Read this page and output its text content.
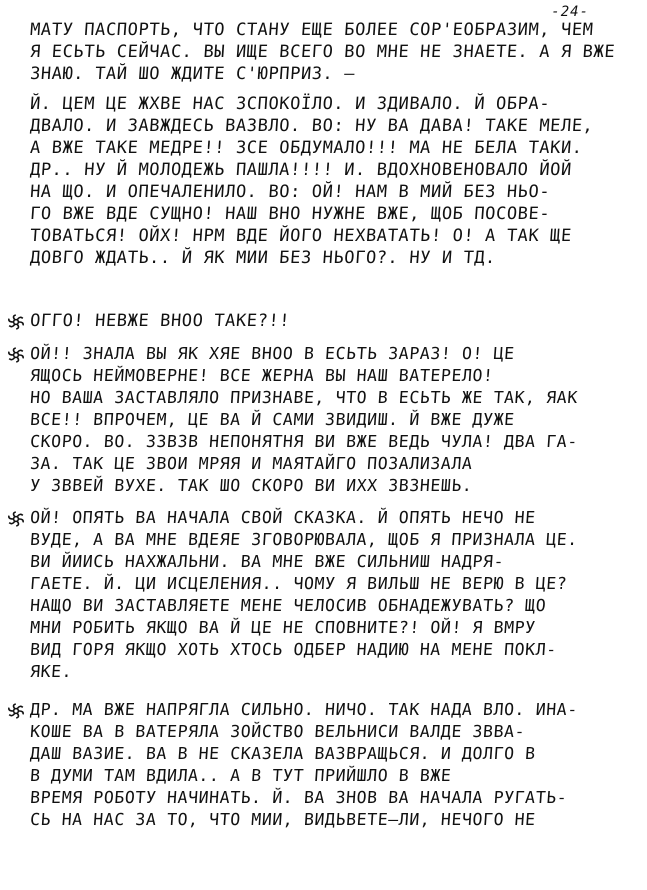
-24-
МАТУ ПАСПОРТЬ, ЧТО СТАНУ ЕЩЕ БОЛЕЕ СОР'ЕОБРАЗИМ, ЧЕМ
Я ЕСЬТЬ СЕЙЧАС. ВЫ ИЩЕ ВСЕГО ВО МНЕ НЕ ЗНАЕТЕ. А Я ВЖЕ
ЗНАЮ. ТАЙ ШО ЖДИТЕ С'ЮРПРИЗ. —
Й. ЦЕМ ЦЕ ЖХВЕ НАС ЗСПОКОЇЛО. И ЗДИВАЛО. Й ОБРА-
ДВАЛО. И ЗАВЖДЕСЬ ВАЗВЛО. ВО: НУ ВА ДАВА! ТАКЕ МЕЛЕ,
А ВЖЕ ТАКЕ МЕДРЕ!! ЗСЕ ОБДУМАЛО!!! МА НЕ БЕЛА ТАКИ.
ДР.. НУ Й МОЛОДЕЖЬ ПАШЛА!!!! И. ВДОХНОВЕНОВАЛО ЙОЙ
НА ЩО. И ОПЕЧАЛЕНИЛО. ВО: ОЙ! НАМ В МИЙ БЕЗ НЬО-
ГО ВЖЕ ВДЕ СУЩНО! НАШ ВНО НУЖНЕ ВЖЕ, ЩОБ ПОСОВЕ-
ТОВАТЬСЯ! ОЙХ! НРМ ВДЕ ЙОГО НЕХВАТАТЬ! О! А ТАК ЩЕ
ДОВГО ЖДАТЬ.. Й ЯК МИИ БЕЗ НЬОГО?. НУ И ТД.
ОГГО! НЕВЖЕ ВНОО ТАКЕ?!!
ОЙ!! ЗНАЛА ВЫ ЯК ХЯЕ ВНОО В ЕСЬТЬ ЗАРАЗ! О! ЦЕ
ЯЩОСЬ НЕЙМОВЕРНЕ! ВСЕ ЖЕРНА ВЫ НАШ ВАТЕРЕЛО!
НО ВАША ЗАСТАВЛЯЛО ПРИЗНАВЕ, ЧТО В ЕСЬТЬ ЖЕ ТАК, ЯАК
ВСЕ!! ВПРОЧЕМ, ЦЕ ВА Й САМИ ЗВИДИШ. Й ВЖЕ ДУЖЕ
СКОРО. ВО. ЗЗВЗВ НЕПОНЯТНЯ ВИ ВЖЕ ВЕДЬ ЧУЛА! ДВА ГА-
ЗА. ТАК ЦЕ ЗВОИ МРЯЯ И МАЯТАЙГО ПОЗАЛИЗАЛА
У ЗВВЕЙ ВУХЕ. ТАК ШО СКОРО ВИ ИХХ ЗВЗНЕШЬ.
ОЙ! ОПЯТЬ ВА НАЧАЛА СВОЙ СКАЗКА. Й ОПЯТЬ НЕЧО НЕ
ВУДЕ, А ВА МНЕ ВДЕЯЕ ЗГОВОРЮВАЛА, ЩОБ Я ПРИЗНАЛА ЦЕ.
ВИ ЙИИСЬ НАХЖАЛЬНИ. ВА МНЕ ВЖЕ СИЛЬНИШ НАДРЯ-
ГАЕТЕ. Й. ЦИ ИСЦЕЛЕНИЯ.. ЧОМУ Я ВИЛЬШ НЕ ВЕРЮ В ЦЕ?
НАЩО ВИ ЗАСТАВЛЯЕТЕ МЕНЕ ЧЕЛОСИВ ОБНАДЕЖУВАТЬ? ЩО
МНИ РОБИТЬ ЯКЩО ВА Й ЦЕ НЕ СПОВНИТЕ?! ОЙ! Я ВМРУ
ВИД ГОРЯ ЯКЩО ХОТЬ ХТОСЬ ОДБЕР НАДИЮ НА МЕНЕ ПОКЛ-
ЯКЕ.
ДР. МА ВЖЕ НАПРЯГЛА СИЛЬНО. НИЧО. ТАК НАДА ВЛО. ИНА-
КОШЕ ВА В ВАТЕРЯЛА ЗОЙСТВО ВЕЛЬНИСИ ВАЛДЕ ЗВВА-
ДАШ ВАЗИЕ. ВА В НЕ СКАЗЕЛА ВАЗВРАЩЬСЯ. И ДОЛГО В
В ДУМИ ТАМ ВДИЛА.. А В ТУТ ПРИЙШЛО В ВЖЕ
ВРЕМЯ РОБОТУ НАЧИНАТЬ. Й. ВА ЗНОВ ВА НАЧАЛА РУГАТЬ-
СЬ НА НАС ЗА ТО, ЧТО МИИ, ВИДЬВЕТЕ—ЛИ, НЕЧОГО НЕ
